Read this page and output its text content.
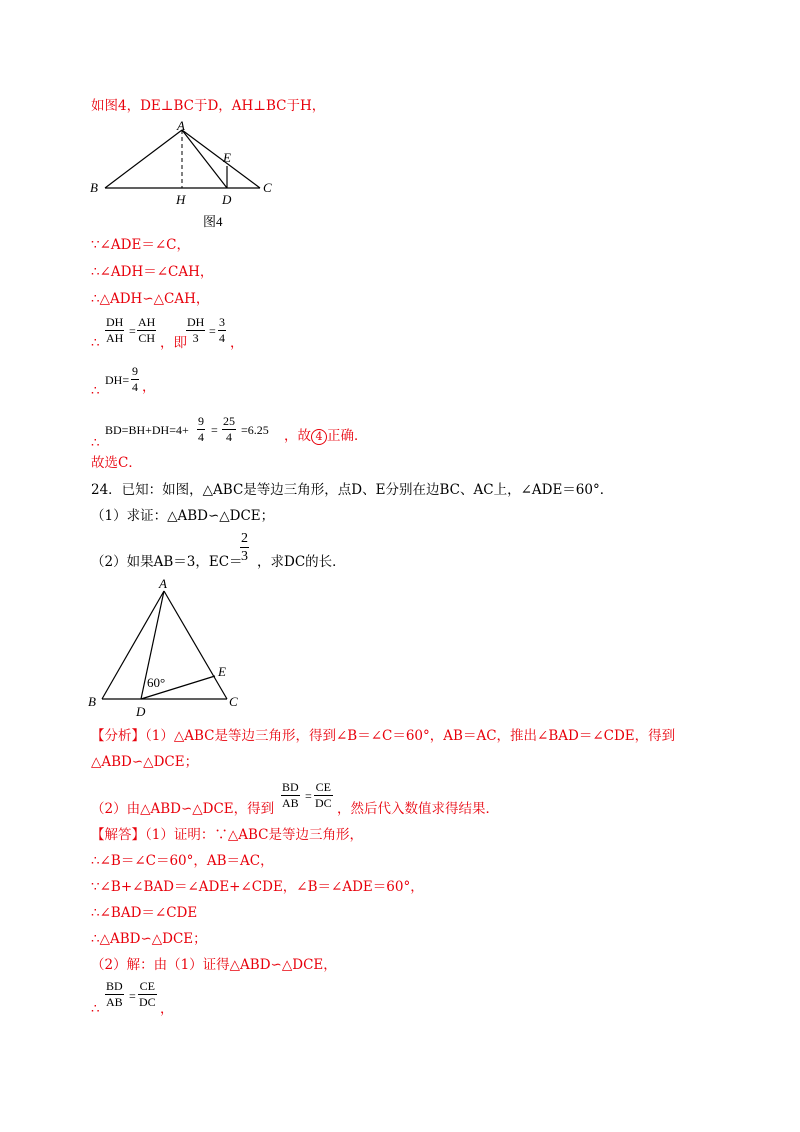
如图4，DE⊥BC于D，AH⊥BC于H，
A
B	C
H	D
E
图4
∵∠ADE＝∠C，
∴∠ADH＝∠CAH，
∴△ADH∽△CAH，
∴
DH
AH =
AH
CH ，即
DH
3 =
3
4 ，
∴
DH=
9
4 ，
∴
BD=BH+DH=4+
9
4 =
25
4 =6.25 ，故 4 正确．
故选C．
24．已知：如图，△ABC是等边三角形，点D、E分别在边BC、AC上，∠ADE＝60°．
（1）求证：△ABD∽△DCE；
（2）如果AB＝3，EC＝
2
3 ，求DC的长．
A
B	C
D
E
60°
【分析】（1）△ABC是等边三角形，得到∠B＝∠C＝60°，AB＝AC，推出∠BAD＝∠CDE，得到
△ABD∽△DCE；
（2）由△ABD∽△DCE，得到
BD
AB =
CE
DC ，然后代入数值求得结果．
【解答】（1）证明：∵△ABC是等边三角形，
∴∠B＝∠C＝60°，AB＝AC，
∵∠B+∠BAD＝∠ADE+∠CDE，∠B＝∠ADE＝60°，
∴∠BAD＝∠CDE
∴△ABD∽△DCE；
（2）解：由（1）证得△ABD∽△DCE，
∴
BD
AB =
CE
DC ，
